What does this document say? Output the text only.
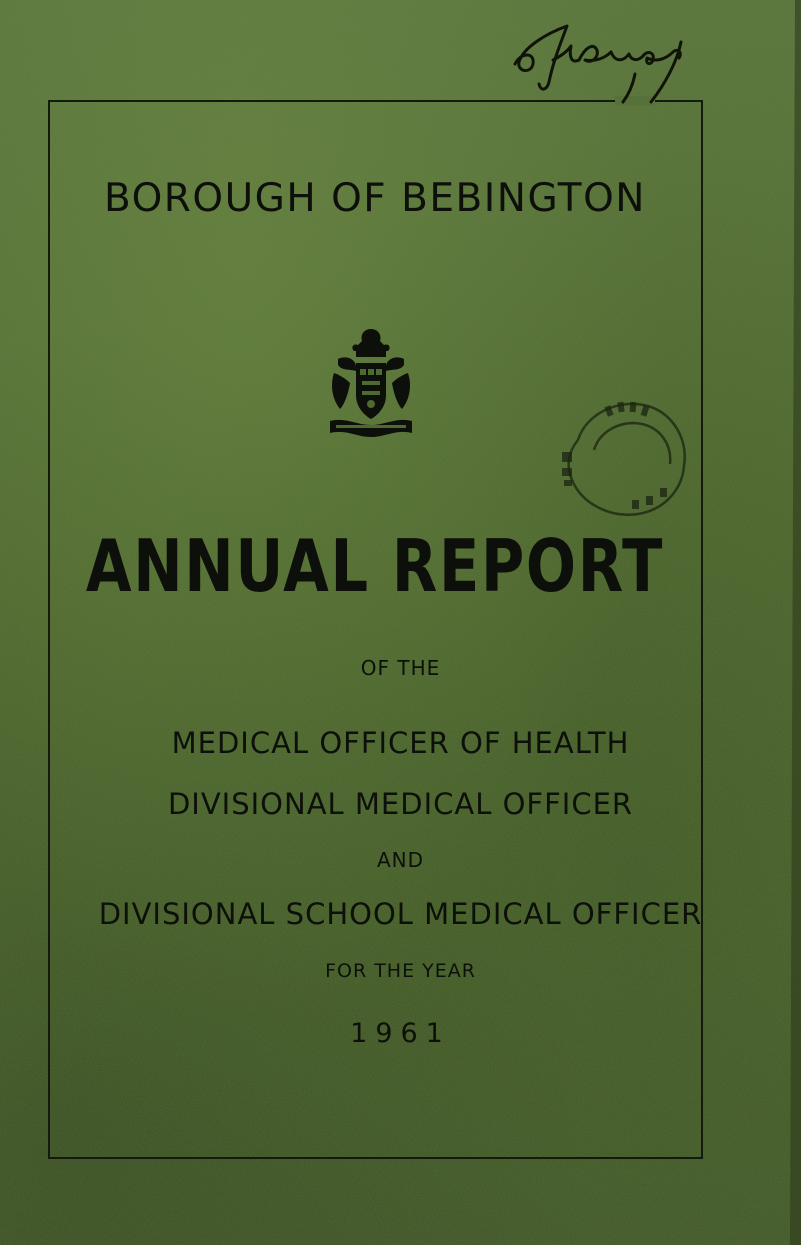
BOROUGH OF BEBINGTON
ANNUAL REPORT
OF THE
MEDICAL OFFICER OF HEALTH
DIVISIONAL MEDICAL OFFICER
AND
DIVISIONAL SCHOOL MEDICAL OFFICER
FOR THE YEAR
1961
